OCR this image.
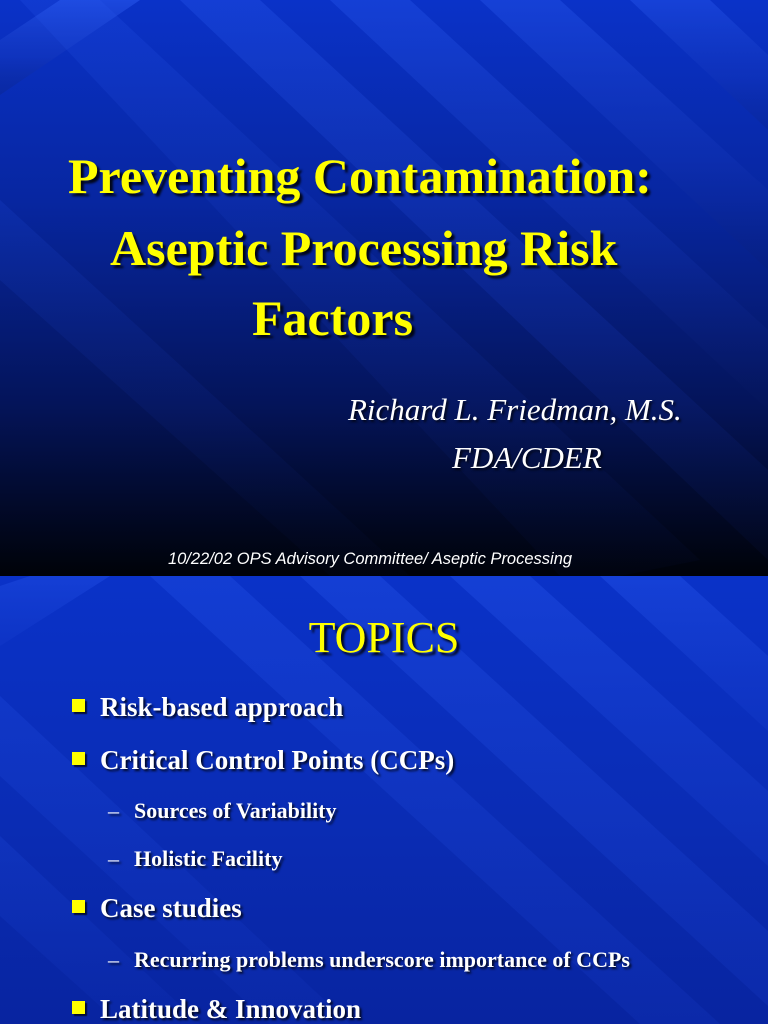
Preventing Contamination:
Aseptic Processing Risk
Factors
Richard L. Friedman, M.S.
FDA/CDER
10/22/02 OPS Advisory Committee/ Aseptic Processing
TOPICS
Risk-based approach
Critical Control Points (CCPs)
– Sources of Variability
– Holistic Facility
Case studies
– Recurring problems underscore importance of CCPs
Latitude & Innovation
